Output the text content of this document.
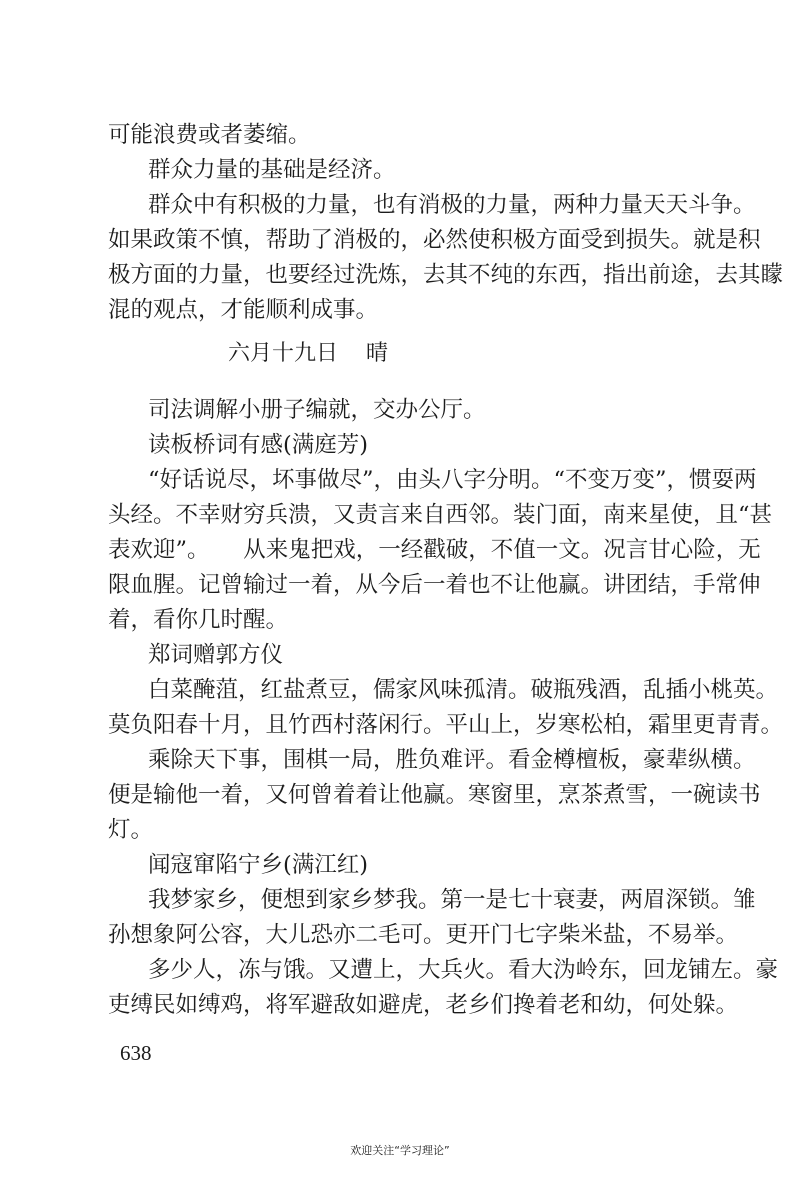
可能浪费或者萎缩。
群众力量的基础是经济。
群众中有积极的力量，也有消极的力量，两种力量天天斗争。
如果政策不慎，帮助了消极的，必然使积极方面受到损失。就是积
极方面的力量，也要经过洗炼，去其不纯的东西，指出前途，去其矇
混的观点，才能顺利成事。
六月十九日 晴
司法调解小册子编就，交办公厅。
读板桥词有感(满庭芳)
“好话说尽，坏事做尽”，由头八字分明。“不变万变”，惯耍两
头经。不幸财穷兵溃，又责言来自西邻。装门面，南来星使，且“甚
表欢迎”。　　从来鬼把戏，一经戳破，不值一文。况言甘心险，无
限血腥。记曾输过一着，从今后一着也不让他赢。讲团结，手常伸
着，看你几时醒。
郑词赠郭方仪
白菜醃菹，红盐煮豆，儒家风味孤清。破瓶残酒，乱插小桃英。
莫负阳春十月，且竹西村落闲行。平山上，岁寒松柏，霜里更青青。
乘除天下事，围棋一局，胜负难评。看金樽檀板，豪辈纵横。
便是输他一着，又何曾着着让他赢。寒窗里，烹茶煮雪，一碗读书
灯。
闻寇窜陷宁乡(满江红)
我梦家乡，便想到家乡梦我。第一是七十衰妻，两眉深锁。雏
孙想象阿公容，大儿恐亦二毛可。更开门七字柴米盐，不易举。
多少人，冻与饿。又遭上，大兵火。看大沩岭东，回龙铺左。豪
吏缚民如缚鸡，将军避敌如避虎，老乡们搀着老和幼，何处躲。
638
欢迎关注“学习理论”
